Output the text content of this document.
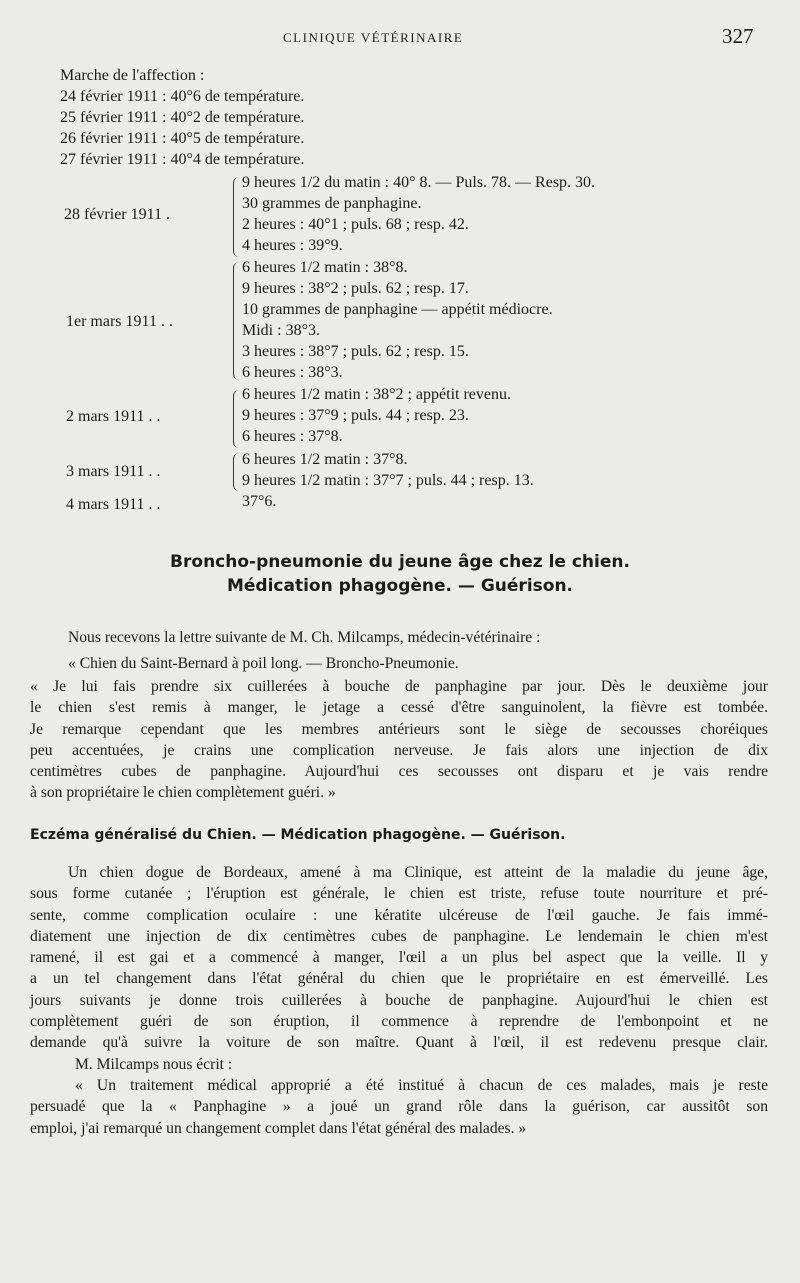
CLINIQUE VÉTÉRINAIRE	327
Marche de l'affection :
24 février 1911 : 40°6 de température.
25 février 1911 : 40°2 de température.
26 février 1911 : 40°5 de température.
27 février 1911 : 40°4 de température.
28 février 1911 .
9 heures 1/2 du matin : 40° 8. — Puls. 78. — Resp. 30.
30 grammes de panphagine.
2 heures : 40°1 ; puls. 68 ; resp. 42.
4 heures : 39°9.
1er mars 1911 . .
6 heures 1/2 matin : 38°8.
9 heures : 38°2 ; puls. 62 ; resp. 17.
10 grammes de panphagine — appétit médiocre.
Midi : 38°3.
3 heures : 38°7 ; puls. 62 ; resp. 15.
6 heures : 38°3.
2 mars 1911 . .
6 heures 1/2 matin : 38°2 ; appétit revenu.
9 heures : 37°9 ; puls. 44 ; resp. 23.
6 heures : 37°8.
3 mars 1911 . .
6 heures 1/2 matin : 37°8.
9 heures 1/2 matin : 37°7 ; puls. 44 ; resp. 13.
4 mars 1911 . .	37°6.
Broncho-pneumonie du jeune âge chez le chien.
Médication phagogène. — Guérison.
Nous recevons la lettre suivante de M. Ch. Milcamps, médecin-vétérinaire :
« Chien du Saint-Bernard à poil long. — Broncho-Pneumonie.
« Je lui fais prendre six cuillerées à bouche de panphagine par jour. Dès le deuxième jour
le chien s'est remis à manger, le jetage a cessé d'être sanguinolent, la fièvre est tombée.
Je remarque cependant que les membres antérieurs sont le siège de secousses choréiques
peu accentuées, je crains une complication nerveuse. Je fais alors une injection de dix
centimètres cubes de panphagine. Aujourd'hui ces secousses ont disparu et je vais rendre
à son propriétaire le chien complètement guéri. »
Eczéma généralisé du Chien. — Médication phagogène. — Guérison.
Un chien dogue de Bordeaux, amené à ma Clinique, est atteint de la maladie du jeune âge,
sous forme cutanée ; l'éruption est générale, le chien est triste, refuse toute nourriture et pré-
sente, comme complication oculaire : une kératite ulcéreuse de l'œil gauche. Je fais immé-
diatement une injection de dix centimètres cubes de panphagine. Le lendemain le chien m'est
ramené, il est gai et a commencé à manger, l'œil a un plus bel aspect que la veille. Il y
a un tel changement dans l'état général du chien que le propriétaire en est émerveillé. Les
jours suivants je donne trois cuillerées à bouche de panphagine. Aujourd'hui le chien est
complètement guéri de son éruption, il commence à reprendre de l'embonpoint et ne
demande qu'à suivre la voiture de son maître. Quant à l'œil, il est redevenu presque clair.
M. Milcamps nous écrit :
« Un traitement médical approprié a été institué à chacun de ces malades, mais je reste
persuadé que la « Panphagine » a joué un grand rôle dans la guérison, car aussitôt son
emploi, j'ai remarqué un changement complet dans l'état général des malades. »
